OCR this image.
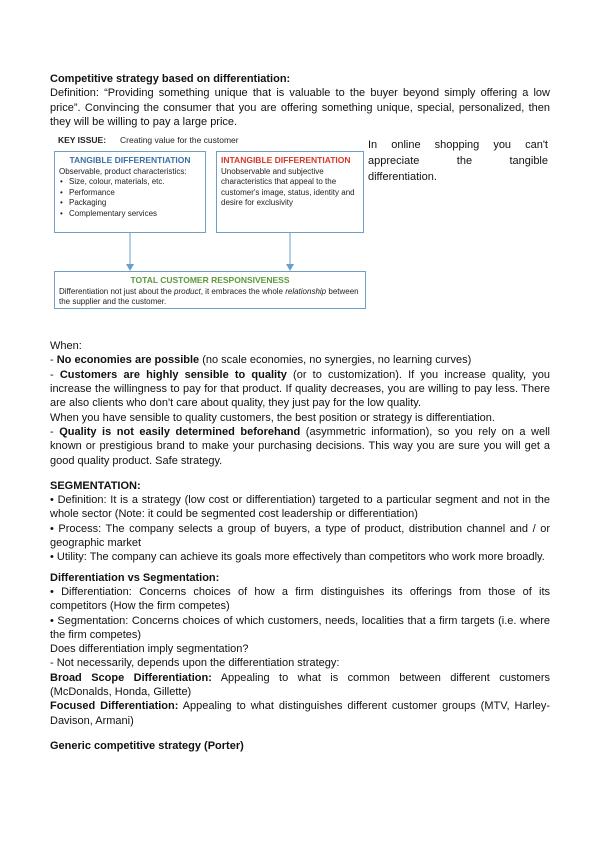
Competitive strategy based on differentiation:

Definition: “Providing something unique that is valuable to the buyer beyond simply offering a low price”. Convincing the consumer that you are offering something unique, special, personalized, then they will be willing to pay a large price.

KEY ISSUE: Creating value for the customer
TANGIBLE DIFFERENTIATION
Observable, product characteristics:
• Size, colour, materials, etc.
• Performance
• Packaging
• Complementary services
INTANGIBLE DIFFERENTIATION
Unobservable and subjective characteristics that appeal to the customer's image, status, identity and desire for exclusivity
TOTAL CUSTOMER RESPONSIVENESS
Differentiation not just about the product, it embraces the whole relationship between the supplier and the customer.
In online shopping you can't appreciate the tangible differentiation.

When:

- No economies are possible (no scale economies, no synergies, no learning curves)

- Customers are highly sensible to quality (or to customization). If you increase quality, you increase the willingness to pay for that product. If quality decreases, you are willing to pay less. There are also clients who don't care about quality, they just pay for the low quality.

When you have sensible to quality customers, the best position or strategy is differentiation.

- Quality is not easily determined beforehand (asymmetric information), so you rely on a well known or prestigious brand to make your purchasing decisions. This way you are sure you will get a good quality product. Safe strategy.

SEGMENTATION:

• Definition: It is a strategy (low cost or differentiation) targeted to a particular segment and not in the whole sector (Note: it could be segmented cost leadership or differentiation)

• Process: The company selects a group of buyers, a type of product, distribution channel and / or geographic market

• Utility: The company can achieve its goals more effectively than competitors who work more broadly.

Differentiation vs Segmentation:

• Differentiation: Concerns choices of how a firm distinguishes its offerings from those of its competitors (How the firm competes)

• Segmentation: Concerns choices of which customers, needs, localities that a firm targets (i.e. where the firm competes)

Does differentiation imply segmentation?

- Not necessarily, depends upon the differentiation strategy:

Broad Scope Differentiation: Appealing to what is common between different customers (McDonalds, Honda, Gillette)

Focused Differentiation: Appealing to what distinguishes different customer groups (MTV, Harley-Davison, Armani)

Generic competitive strategy (Porter)
